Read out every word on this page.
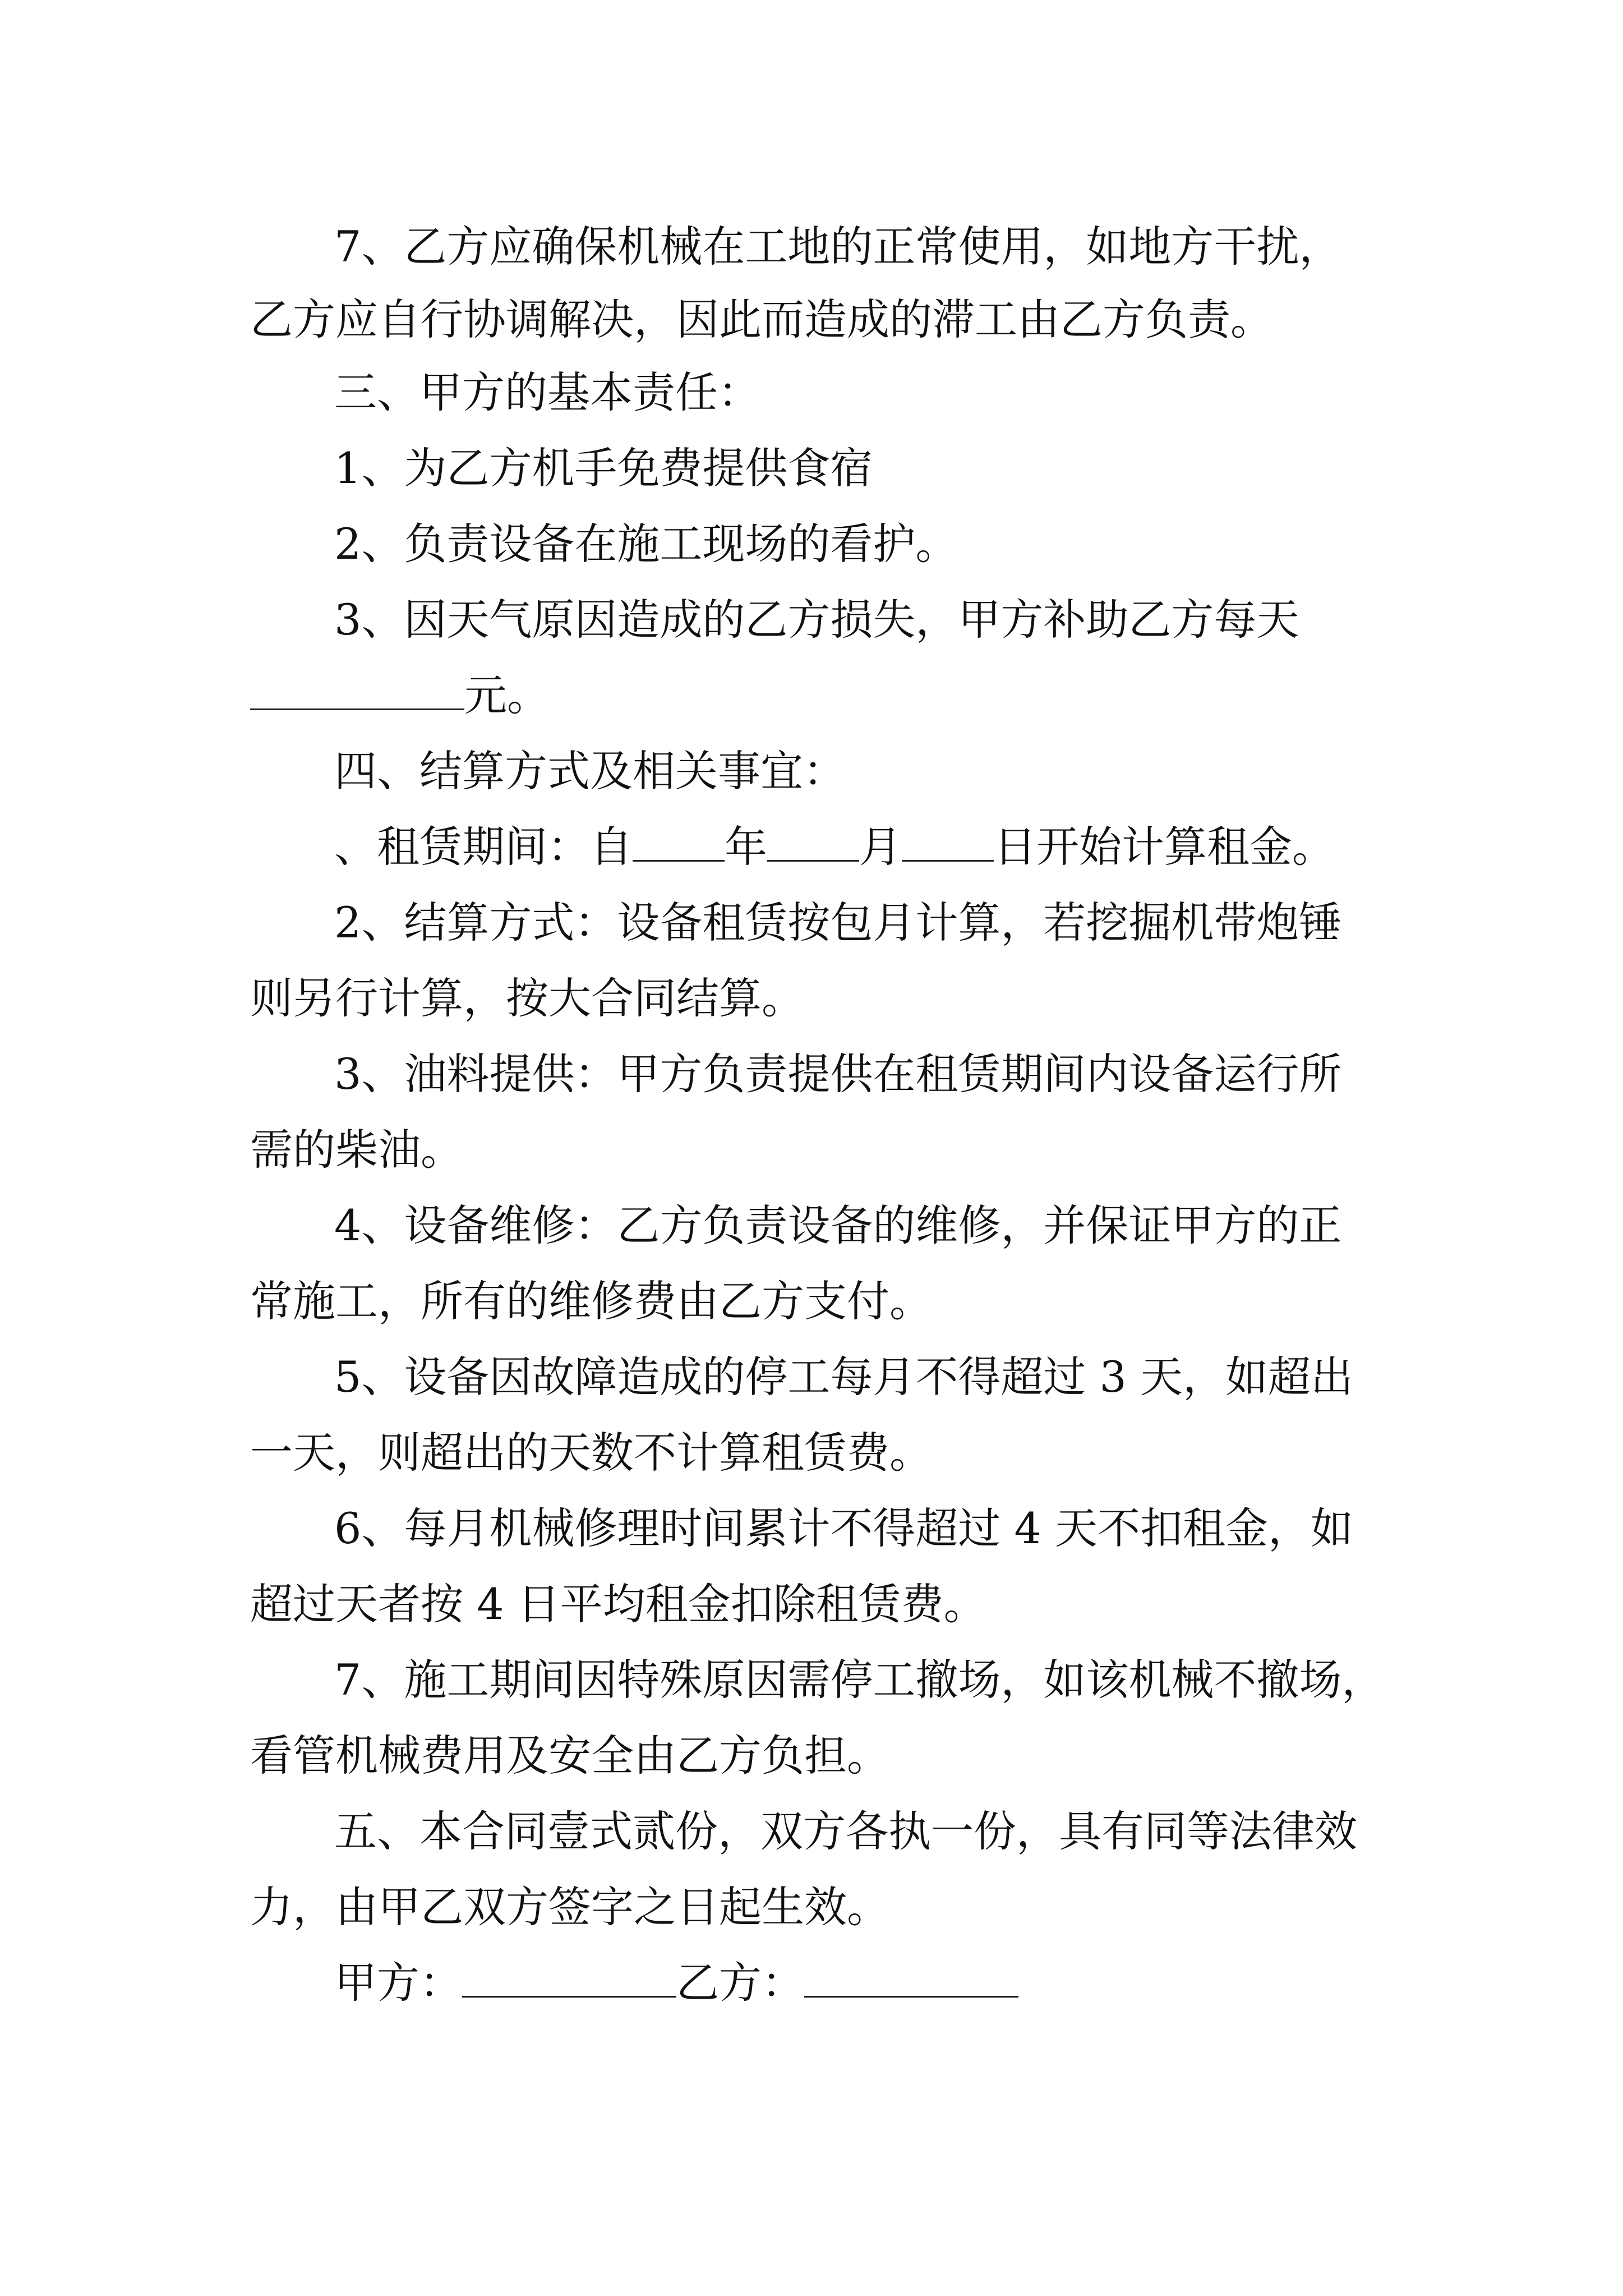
7、乙方应确保机械在工地的正常使用，如地方干扰，
乙方应自行协调解决，因此而造成的滞工由乙方负责。
三、甲方的基本责任：
1、为乙方机手免费提供食宿
2、负责设备在施工现场的看护。
3、因天气原因造成的乙方损失，甲方补助乙方每天
元。
四、结算方式及相关事宜：
、租赁期间：自 年 月 日开始计算租金。
2、结算方式：设备租赁按包月计算，若挖掘机带炮锤
则另行计算，按大合同结算。
3、油料提供：甲方负责提供在租赁期间内设备运行所
需的柴油。
4、设备维修：乙方负责设备的维修，并保证甲方的正
常施工，所有的维修费由乙方支付。
5、设备因故障造成的停工每月不得超过 3 天，如超出
一天，则超出的天数不计算租赁费。
6、每月机械修理时间累计不得超过 4 天不扣租金，如
超过天者按 4 日平均租金扣除租赁费。
7、施工期间因特殊原因需停工撤场，如该机械不撤场，
看管机械费用及安全由乙方负担。
五、本合同壹式贰份，双方各执一份，具有同等法律效
力，由甲乙双方签字之日起生效。
甲方：	乙方：
